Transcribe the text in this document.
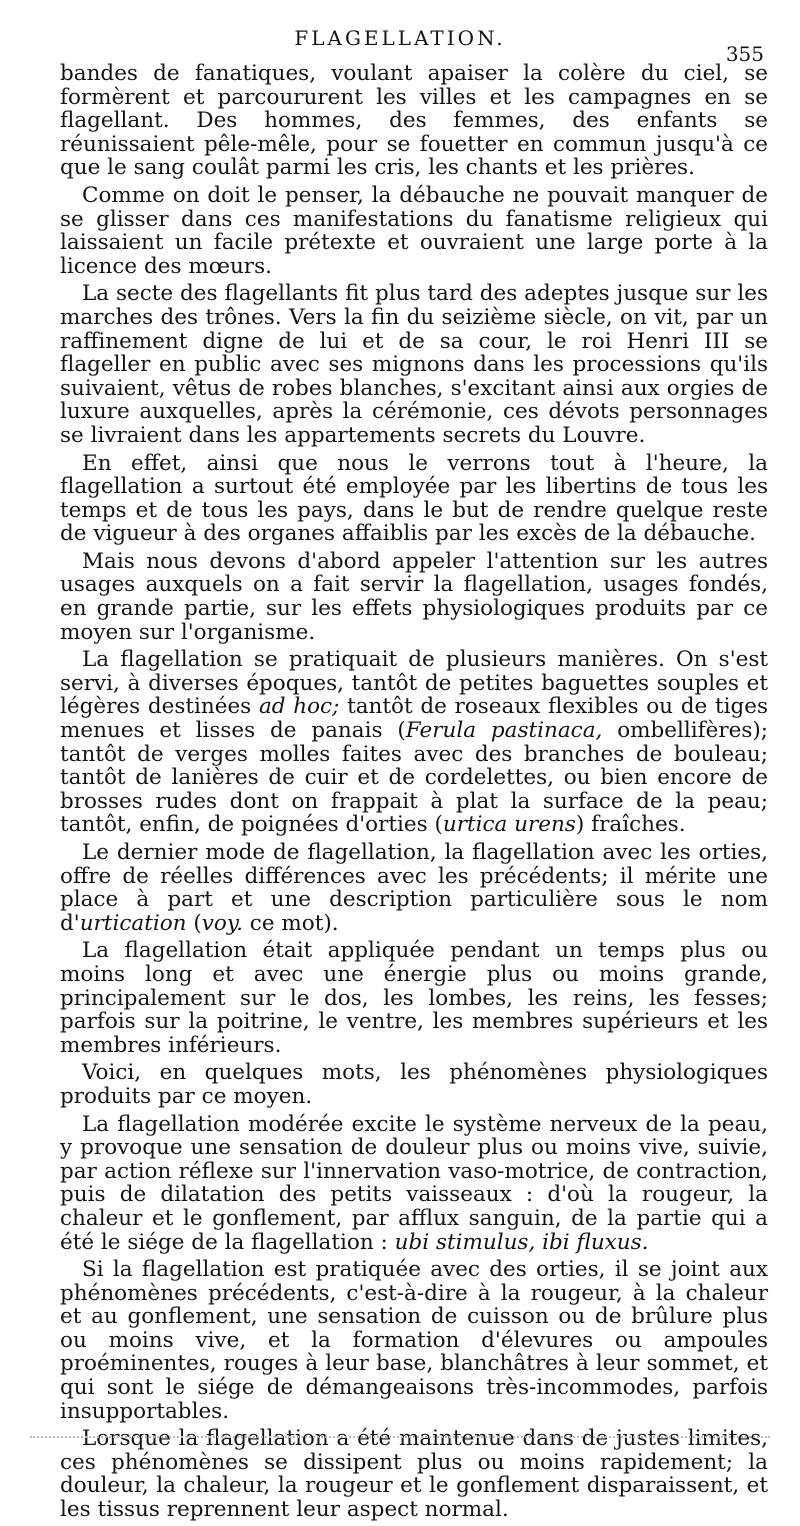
FLAGELLATION.
355

bandes de fanatiques, voulant apaiser la colère du ciel, se formèrent et parcoururent les villes et les campagnes en se flagellant. Des hommes, des femmes, des enfants se réunissaient pêle-mêle, pour se fouetter en commun jusqu'à ce que le sang coulât parmi les cris, les chants et les prières.

Comme on doit le penser, la débauche ne pouvait manquer de se glisser dans ces manifestations du fanatisme religieux qui laissaient un facile prétexte et ouvraient une large porte à la licence des mœurs.

La secte des flagellants fit plus tard des adeptes jusque sur les marches des trônes. Vers la fin du seizième siècle, on vit, par un raffinement digne de lui et de sa cour, le roi Henri III se flageller en public avec ses mignons dans les processions qu'ils suivaient, vêtus de robes blanches, s'excitant ainsi aux orgies de luxure auxquelles, après la cérémonie, ces dévots personnages se livraient dans les appartements secrets du Louvre.

En effet, ainsi que nous le verrons tout à l'heure, la flagellation a surtout été employée par les libertins de tous les temps et de tous les pays, dans le but de rendre quelque reste de vigueur à des organes affaiblis par les excès de la débauche.

Mais nous devons d'abord appeler l'attention sur les autres usages auxquels on a fait servir la flagellation, usages fondés, en grande partie, sur les effets physiologiques produits par ce moyen sur l'organisme.

La flagellation se pratiquait de plusieurs manières. On s'est servi, à diverses époques, tantôt de petites baguettes souples et légères destinées ad hoc; tantôt de roseaux flexibles ou de tiges menues et lisses de panais (Ferula pastinaca, ombellifères); tantôt de verges molles faites avec des branches de bouleau; tantôt de lanières de cuir et de cordelettes, ou bien encore de brosses rudes dont on frappait à plat la surface de la peau; tantôt, enfin, de poignées d'orties (urtica urens) fraîches.

Le dernier mode de flagellation, la flagellation avec les orties, offre de réelles différences avec les précédents; il mérite une place à part et une description particulière sous le nom d'urtication (voy. ce mot).

La flagellation était appliquée pendant un temps plus ou moins long et avec une énergie plus ou moins grande, principalement sur le dos, les lombes, les reins, les fesses; parfois sur la poitrine, le ventre, les membres supérieurs et les membres inférieurs.

Voici, en quelques mots, les phénomènes physiologiques produits par ce moyen.

La flagellation modérée excite le système nerveux de la peau, y provoque une sensation de douleur plus ou moins vive, suivie, par action réflexe sur l'innervation vaso-motrice, de contraction, puis de dilatation des petits vaisseaux : d'où la rougeur, la chaleur et le gonflement, par afflux sanguin, de la partie qui a été le siége de la flagellation : ubi stimulus, ibi fluxus.

Si la flagellation est pratiquée avec des orties, il se joint aux phénomènes précédents, c'est-à-dire à la rougeur, à la chaleur et au gonflement, une sensation de cuisson ou de brûlure plus ou moins vive, et la formation d'élevures ou ampoules proéminentes, rouges à leur base, blanchâtres à leur sommet, et qui sont le siége de démangeaisons très-incommodes, parfois insupportables.

Lorsque la flagellation a été maintenue dans de justes limites, ces phénomènes se dissipent plus ou moins rapidement; la douleur, la chaleur, la rougeur et le gonflement disparaissent, et les tissus reprennent leur aspect normal.
